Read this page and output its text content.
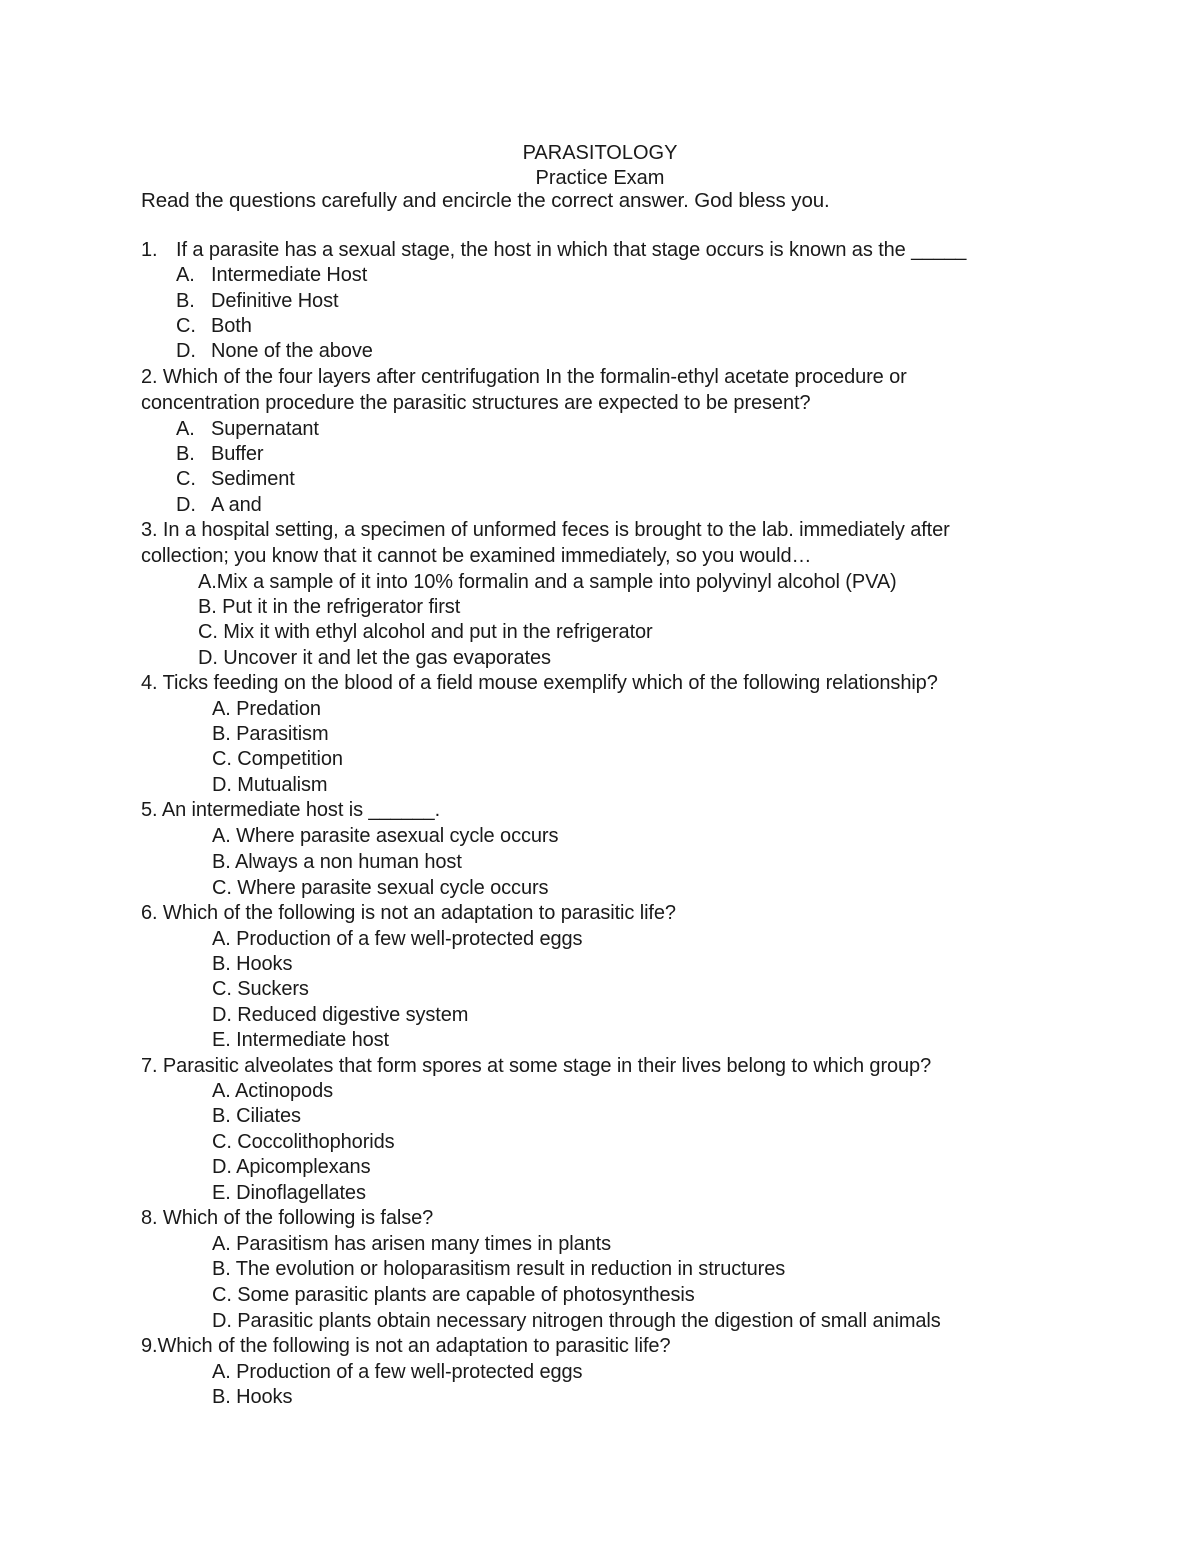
PARASITOLOGY
Practice Exam
Read the questions carefully and encircle the correct answer. God bless you.
1. If a parasite has a sexual stage, the host in which that stage occurs is known as the _____
A. Intermediate Host
B. Definitive Host
C. Both
D. None of the above
2. Which of the four layers after centrifugation In the formalin-ethyl acetate procedure or
concentration procedure the parasitic structures are expected to be present?
A. Supernatant
B. Buffer
C. Sediment
D. A and
3. In a hospital setting, a specimen of unformed feces is brought to the lab. immediately after
collection; you know that it cannot be examined immediately, so you would…
A.Mix a sample of it into 10% formalin and a sample into polyvinyl alcohol (PVA)
B. Put it in the refrigerator first
C. Mix it with ethyl alcohol and put in the refrigerator
D. Uncover it and let the gas evaporates
4. Ticks feeding on the blood of a field mouse exemplify which of the following relationship?
A. Predation
B. Parasitism
C. Competition
D. Mutualism
5. An intermediate host is ______.
A. Where parasite asexual cycle occurs
B. Always a non human host
C. Where parasite sexual cycle occurs
6. Which of the following is not an adaptation to parasitic life?
A. Production of a few well-protected eggs
B. Hooks
C. Suckers
D. Reduced digestive system
E. Intermediate host
7. Parasitic alveolates that form spores at some stage in their lives belong to which group?
A. Actinopods
B. Ciliates
C. Coccolithophorids
D. Apicomplexans
E. Dinoflagellates
8. Which of the following is false?
A. Parasitism has arisen many times in plants
B. The evolution or holoparasitism result in reduction in structures
C. Some parasitic plants are capable of photosynthesis
D. Parasitic plants obtain necessary nitrogen through the digestion of small animals
9.Which of the following is not an adaptation to parasitic life?
A. Production of a few well-protected eggs
B. Hooks
